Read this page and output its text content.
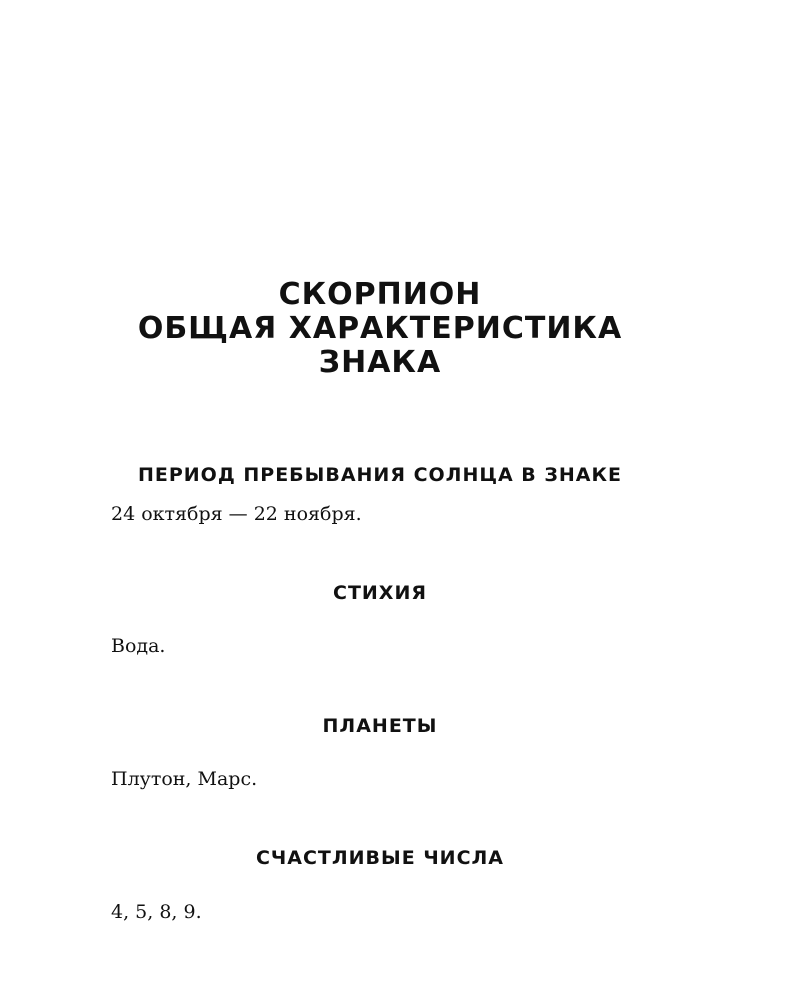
СКОРПИОН
ОБЩАЯ ХАРАКТЕРИСТИКА
ЗНАКА
ПЕРИОД ПРЕБЫВАНИЯ СОЛНЦА В ЗНАКЕ
24 октября — 22 ноября.
СТИХИЯ
Вода.
ПЛАНЕТЫ
Плутон, Марс.
СЧАСТЛИВЫЕ ЧИСЛА
4, 5, 8, 9.
